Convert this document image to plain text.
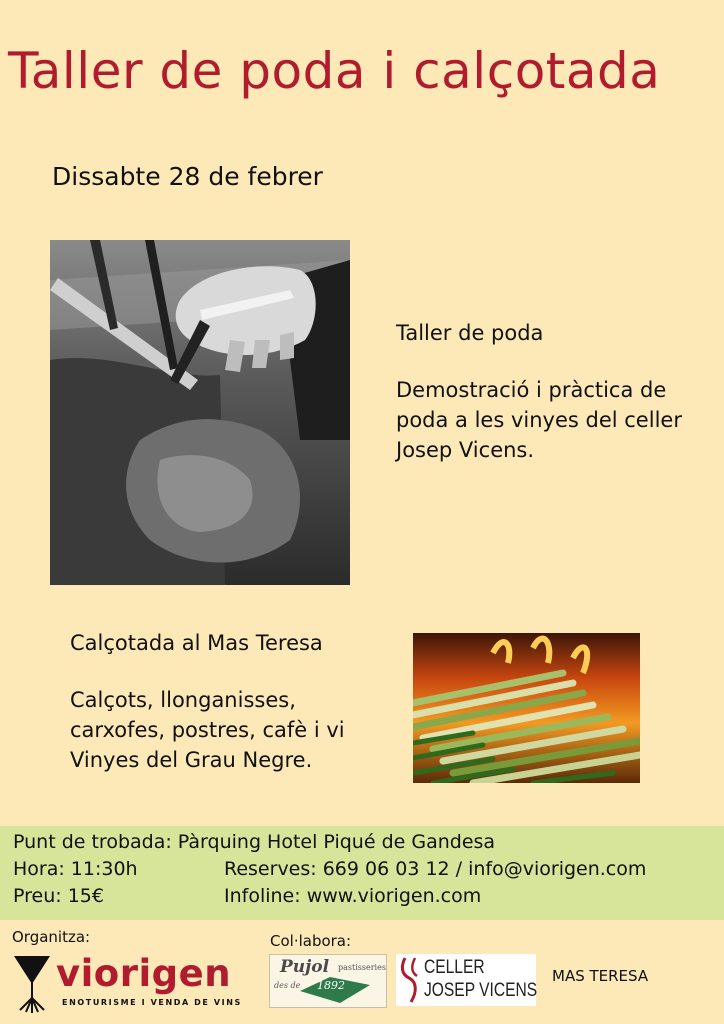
Taller de poda i calçotada
Dissabte 28 de febrer
Taller de poda
Demostració i pràctica de
poda a les vinyes del celler
Josep Vicens.
Calçotada al Mas Teresa
Calçots, llonganisses,
carxofes, postres, cafè i vi
Vinyes del Grau Negre.
Punt de trobada: Pàrquing Hotel Piqué de Gandesa
Hora: 11:30h	Reserves: 669 06 03 12 / info@viorigen.com
Preu: 15€	Infoline: www.viorigen.com
Organitza:	Col·labora:
viorigen
ENOTURISME I VENDA DE VINS
Pujol pastisseries
des de 1892
CELLER
JOSEP VICENS
MAS TERESA
